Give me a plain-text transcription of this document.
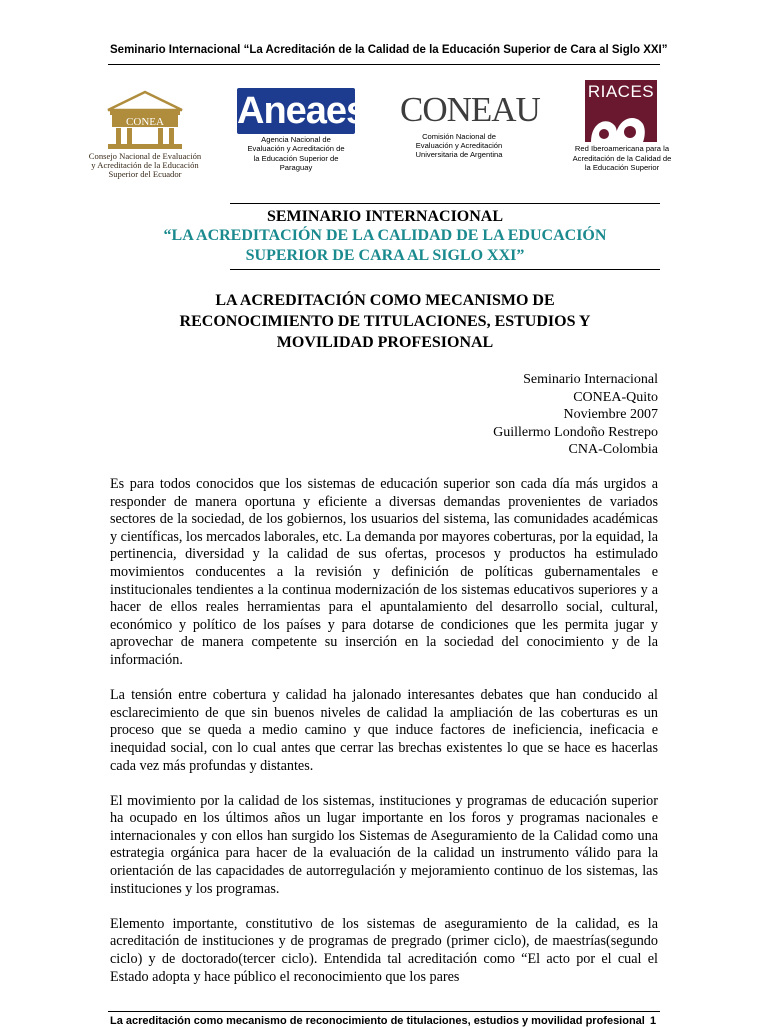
Seminario Internacional “La Acreditación de la Calidad de la Educación Superior de Cara al Siglo XXI”
CONEA
Consejo Nacional de Evaluación
y Acreditación de la Educación
Superior del Ecuador
Aneaes
Agencia Nacional de
Evaluación y Acreditación de
la Educación Superior de
Paraguay
CONEAU
Comisión Nacional de
Evaluación y Acreditación
Universitaria de Argentina
RIACES
Red Iberoamericana para la
Acreditación de la Calidad de
la Educación Superior
SEMINARIO INTERNACIONAL
“LA ACREDITACIÓN DE LA CALIDAD DE LA EDUCACIÓN
SUPERIOR DE CARA AL SIGLO XXI”
LA ACREDITACIÓN COMO MECANISMO DE
RECONOCIMIENTO DE TITULACIONES, ESTUDIOS Y
MOVILIDAD PROFESIONAL
Seminario Internacional
CONEA-Quito
Noviembre 2007
Guillermo Londoño Restrepo
CNA-Colombia

Es para todos conocidos que los sistemas de educación superior son cada día más urgidos a responder de manera oportuna y eficiente a diversas demandas provenientes de variados sectores de la sociedad, de los gobiernos, los usuarios del sistema, las comunidades académicas y científicas, los mercados laborales, etc. La demanda por mayores coberturas, por la equidad, la pertinencia, diversidad y la calidad de sus ofertas, procesos y productos ha estimulado movimientos conducentes a la revisión y definición de políticas gubernamentales e institucionales tendientes a la continua modernización de los sistemas educativos superiores y a hacer de ellos reales herramientas para el apuntalamiento del desarrollo social, cultural, económico y político de los países y para dotarse de condiciones que les permita jugar y aprovechar de manera competente su inserción en la sociedad del conocimiento y de la información.

La tensión entre cobertura y calidad ha jalonado interesantes debates que han conducido al esclarecimiento de que sin buenos niveles de calidad la ampliación de las coberturas es un proceso que se queda a medio camino y que induce factores de ineficiencia, ineficacia e inequidad social, con lo cual antes que cerrar las brechas existentes lo que se hace es hacerlas cada vez más profundas y distantes.

El movimiento por la calidad de los sistemas, instituciones y programas de educación superior ha ocupado en los últimos años un lugar importante en los foros y programas nacionales e internacionales y con ellos han surgido los Sistemas de Aseguramiento de la Calidad como una estrategia orgánica para hacer de la evaluación de la calidad un instrumento válido para la orientación de las capacidades de autorregulación y mejoramiento continuo de los sistemas, las instituciones y los programas.

Elemento importante, constitutivo de los sistemas de aseguramiento de la calidad, es la acreditación de instituciones y de programas de pregrado (primer ciclo), de maestrías(segundo ciclo) y de doctorado(tercer ciclo). Entendida tal acreditación como “El acto por el cual el Estado adopta y hace público el reconocimiento que los pares

La acreditación como mecanismo de reconocimiento de titulaciones, estudios y movilidad profesional 1
